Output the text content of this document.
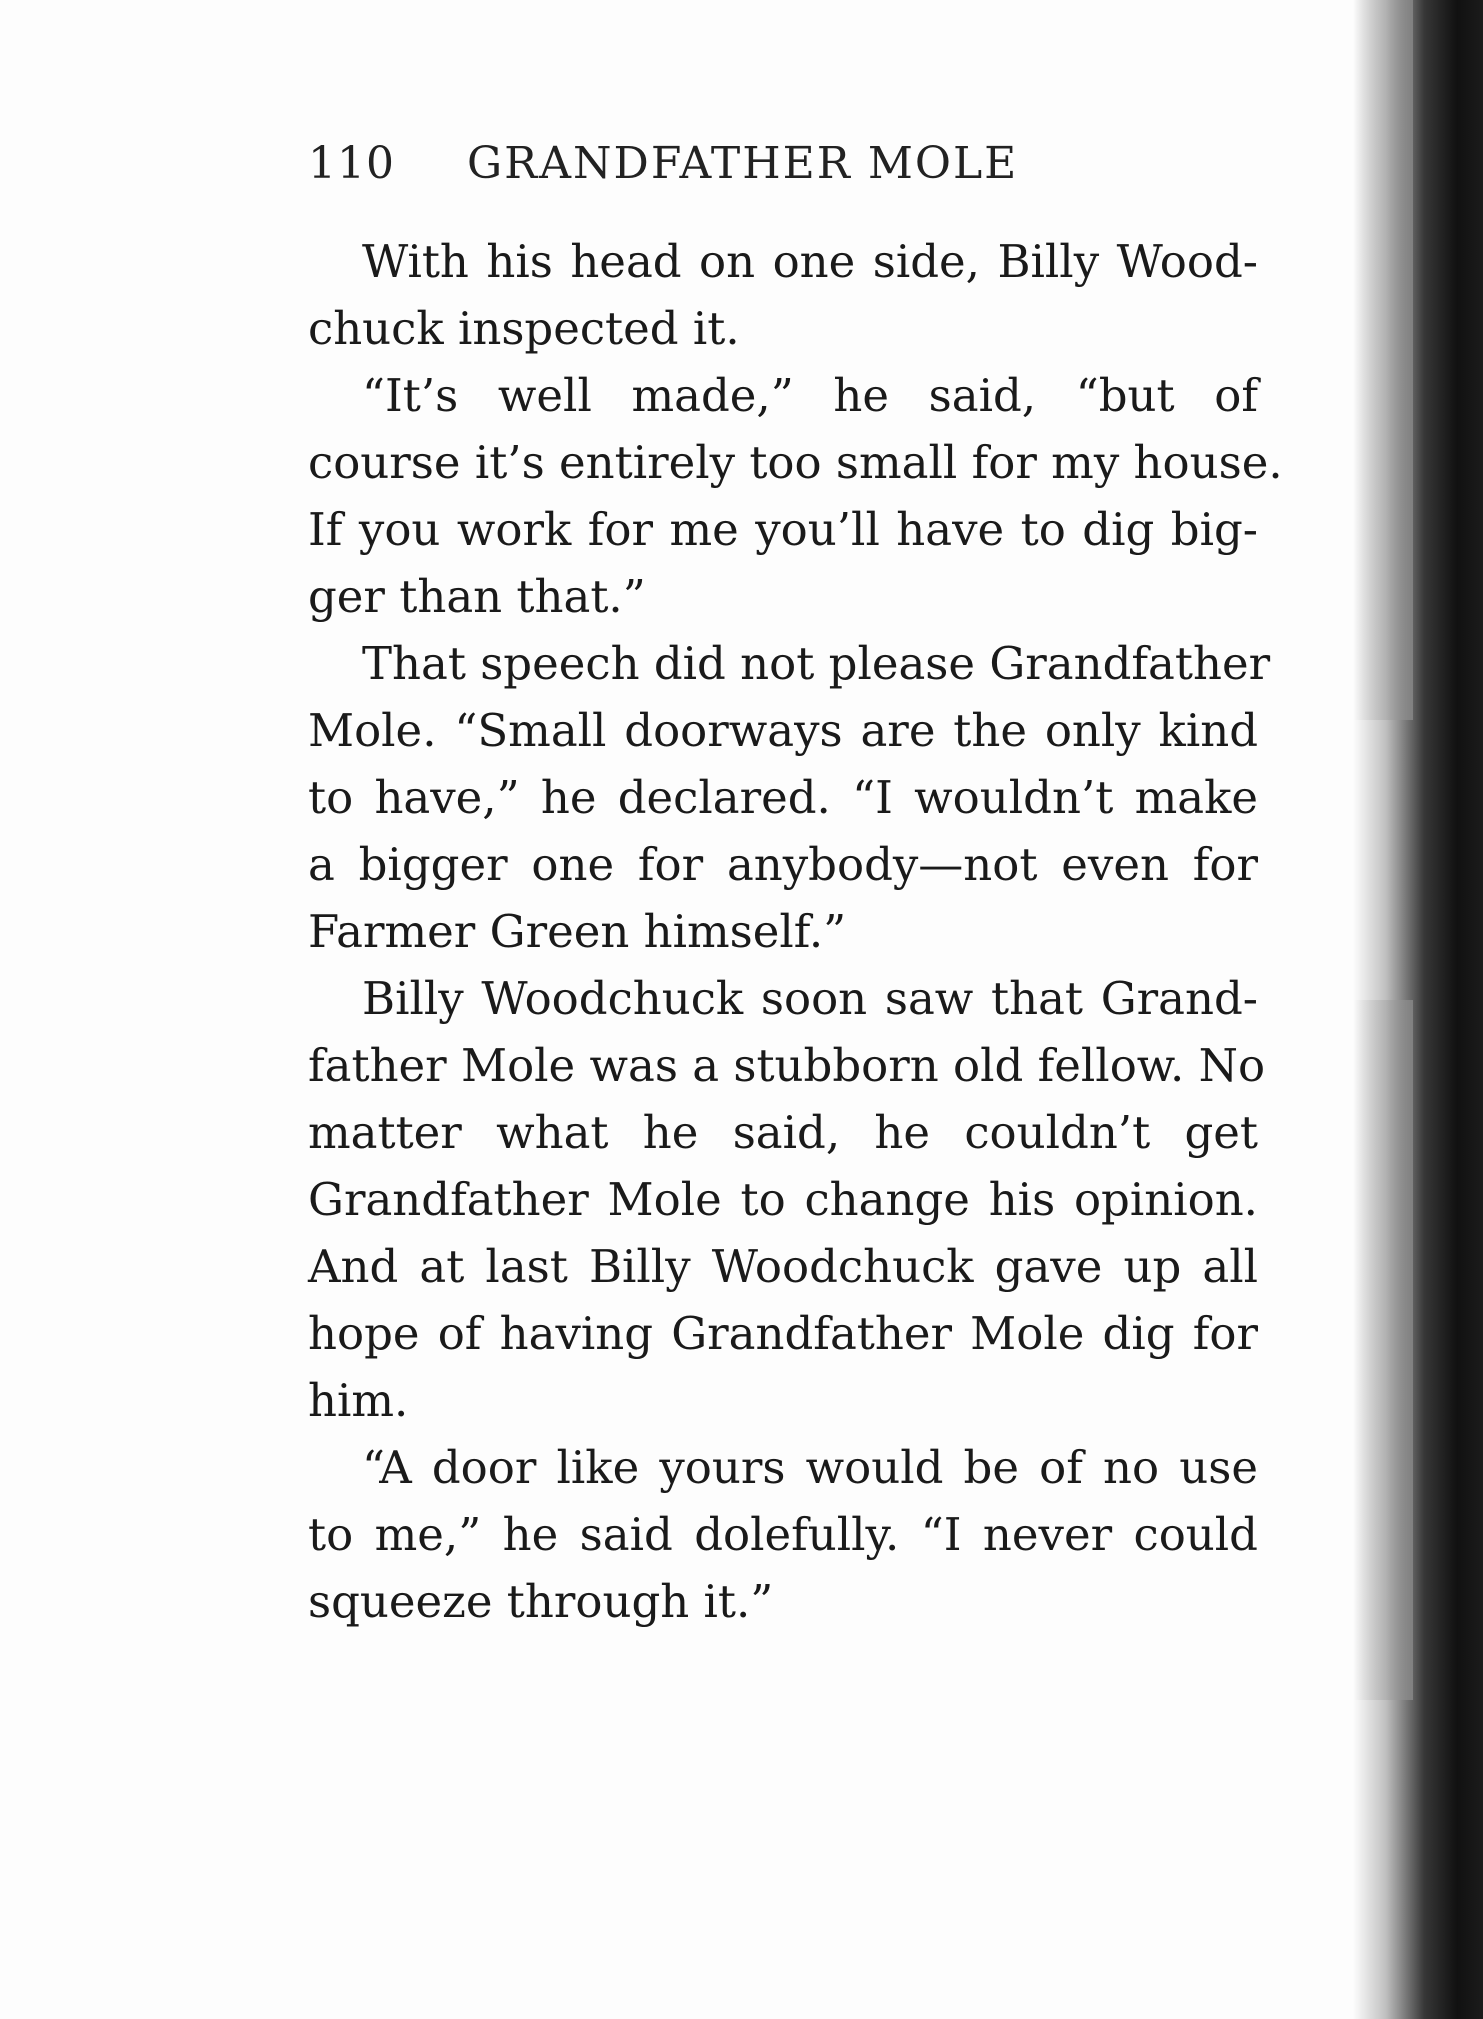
110 GRANDFATHER MOLE
With his head on one side, Billy Wood-
chuck inspected it.
“It’s well made,” he said, “but of
course it’s entirely too small for my house.
If you work for me you’ll have to dig big-
ger than that.”
That speech did not please Grandfather
Mole. “Small doorways are the only kind
to have,” he declared. “I wouldn’t make
a bigger one for anybody—not even for
Farmer Green himself.”
Billy Woodchuck soon saw that Grand-
father Mole was a stubborn old fellow. No
matter what he said, he couldn’t get
Grandfather Mole to change his opinion.
And at last Billy Woodchuck gave up all
hope of having Grandfather Mole dig for
him.
“A door like yours would be of no use
to me,” he said dolefully. “I never could
squeeze through it.”
